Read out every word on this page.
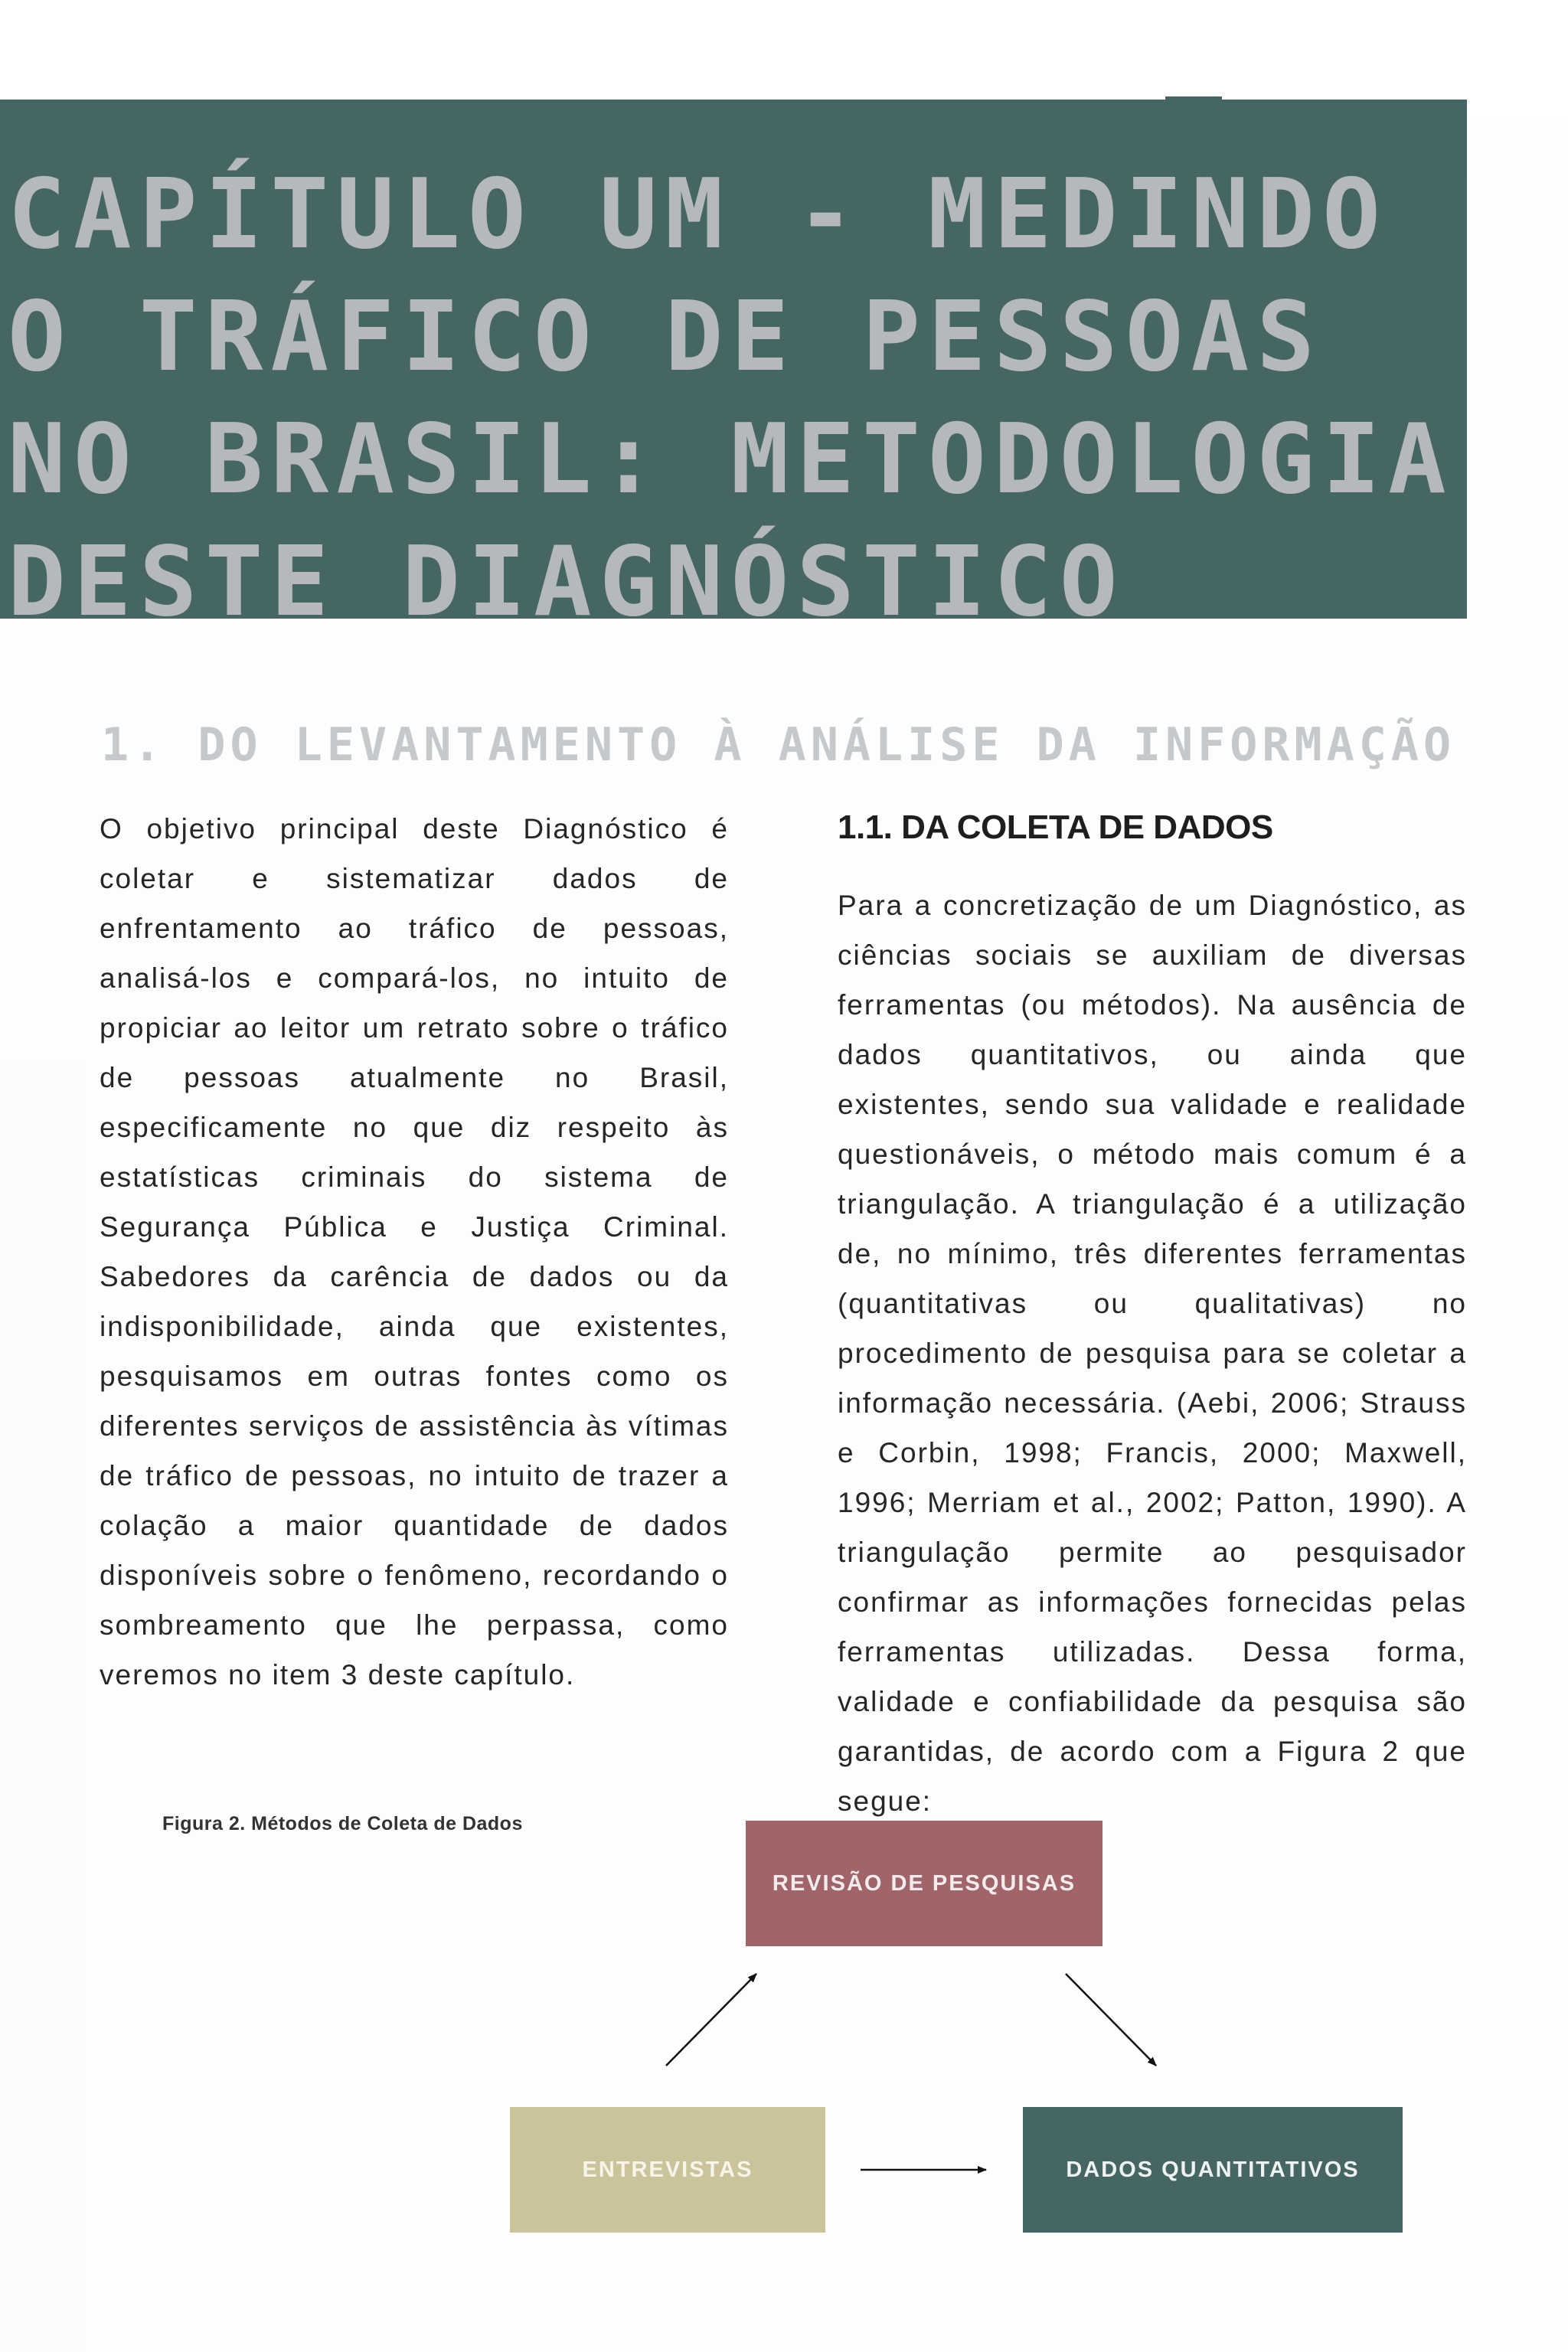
CAPÍTULO UM - MEDINDO
O TRÁFICO DE PESSOAS
NO BRASIL: METODOLOGIA
DESTE DIAGNÓSTICO
1. DO LEVANTAMENTO À ANÁLISE DA INFORMAÇÃO

O objetivo principal deste Diagnóstico é coletar e sistematizar dados de enfrentamento ao tráfico de pessoas, analisá-los e compará-los, no intuito de propiciar ao leitor um retrato sobre o tráfico de pessoas atualmente no Brasil, especificamente no que diz respeito às estatísticas criminais do sistema de Segurança Pública e Justiça Criminal. Sabedores da carência de dados ou da indisponibilidade, ainda que existentes, pesquisamos em outras fontes como os diferentes serviços de assistência às vítimas de tráfico de pessoas, no intuito de trazer a colação a maior quantidade de dados disponíveis sobre o fenômeno, recordando o sombreamento que lhe perpassa, como veremos no item 3 deste capítulo.

1.1. DA COLETA DE DADOS

Para a concretização de um Diagnóstico, as ciências sociais se auxiliam de diversas ferramentas (ou métodos). Na ausência de dados quantitativos, ou ainda que existentes, sendo sua validade e realidade questionáveis, o método mais comum é a triangulação. A triangulação é a utilização de, no mínimo, três diferentes ferramentas (quantitativas ou qualitativas) no procedimento de pesquisa para se coletar a informação necessária. (Aebi, 2006; Strauss e Corbin, 1998; Francis, 2000; Maxwell, 1996; Merriam et al., 2002; Patton, 1990). A triangulação permite ao pesquisador confirmar as informações fornecidas pelas ferramentas utilizadas. Dessa forma, validade e confiabilidade da pesquisa são garantidas, de acordo com a Figura 2 que segue:

Figura 2. Métodos de Coleta de Dados

REVISÃO DE PESQUISAS
ENTREVISTAS	DADOS QUANTITATIVOS
